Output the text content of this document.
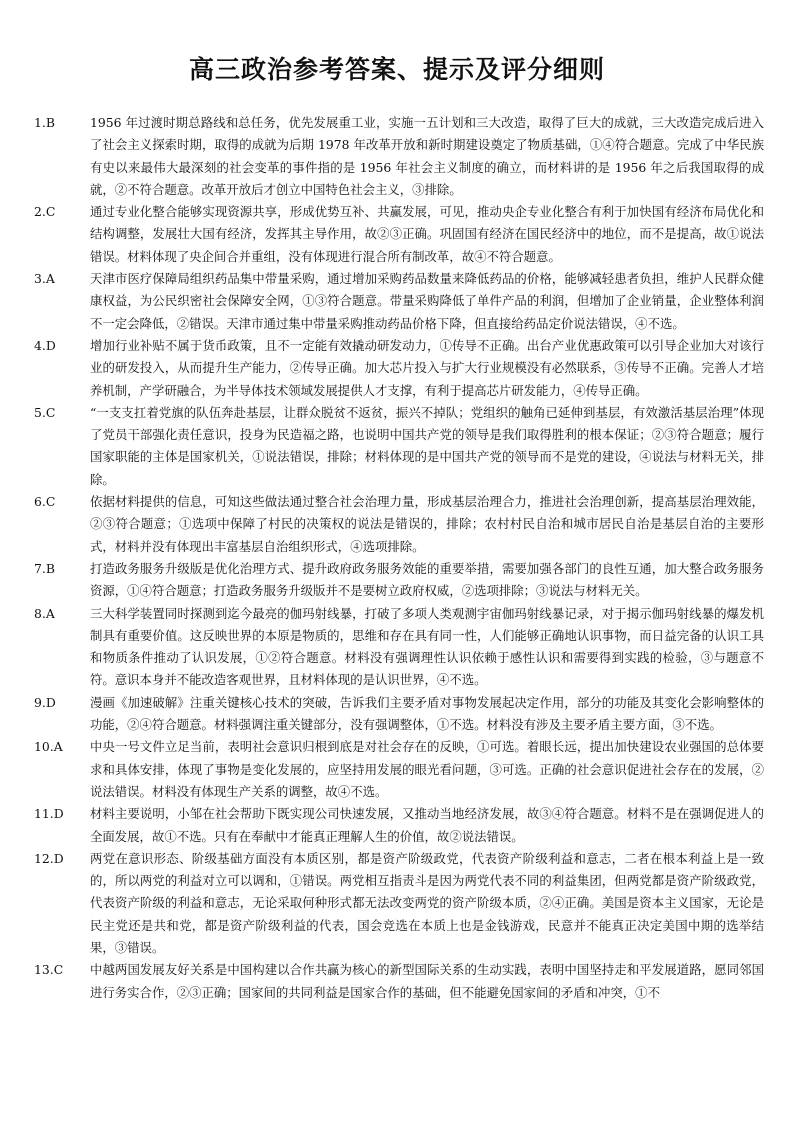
高三政治参考答案、提示及评分细则
1.B	1956 年过渡时期总路线和总任务，优先发展重工业，实施一五计划和三大改造，取得了巨大的成就，三大改造完成后进入了社会主义探索时期，取得的成就为后期 1978 年改革开放和新时期建设奠定了物质基础，①④符合题意。完成了中华民族有史以来最伟大最深刻的社会变革的事件指的是 1956 年社会主义制度的确立，而材料讲的是 1956 年之后我国取得的成就，②不符合题意。改革开放后才创立中国特色社会主义，③排除。
2.C	通过专业化整合能够实现资源共享，形成优势互补、共赢发展，可见，推动央企专业化整合有利于加快国有经济布局优化和结构调整，发展壮大国有经济，发挥其主导作用，故②③正确。巩固国有经济在国民经济中的地位，而不是提高，故①说法错误。材料体现了央企间合并重组，没有体现进行混合所有制改革，故④不符合题意。
3.A	天津市医疗保障局组织药品集中带量采购，通过增加采购药品数量来降低药品的价格，能够减轻患者负担，维护人民群众健康权益，为公民织密社会保障安全网，①③符合题意。带量采购降低了单件产品的利润，但增加了企业销量，企业整体利润不一定会降低，②错误。天津市通过集中带量采购推动药品价格下降，但直接给药品定价说法错误，④不选。
4.D	增加行业补贴不属于货币政策，且不一定能有效撬动研发动力，①传导不正确。出台产业优惠政策可以引导企业加大对该行业的研发投入，从而提升生产能力，②传导正确。加大芯片投入与扩大行业规模没有必然联系，③传导不正确。完善人才培养机制，产学研融合，为半导体技术领域发展提供人才支撑，有利于提高芯片研发能力，④传导正确。
5.C	“一支支扛着党旗的队伍奔赴基层，让群众脱贫不返贫，振兴不掉队；党组织的触角已延伸到基层，有效激活基层治理”体现了党员干部强化责任意识，投身为民造福之路，也说明中国共产党的领导是我们取得胜利的根本保证；②③符合题意；履行国家职能的主体是国家机关，①说法错误，排除；材料体现的是中国共产党的领导而不是党的建设，④说法与材料无关，排除。
6.C	依据材料提供的信息，可知这些做法通过整合社会治理力量，形成基层治理合力，推进社会治理创新，提高基层治理效能，②③符合题意；①选项中保障了村民的决策权的说法是错误的，排除；农村村民自治和城市居民自治是基层自治的主要形式，材料并没有体现出丰富基层自治组织形式，④选项排除。
7.B	打造政务服务升级版是优化治理方式、提升政府政务服务效能的重要举措，需要加强各部门的良性互通，加大整合政务服务资源，①④符合题意；打造政务服务升级版并不是要树立政府权威，②选项排除；③说法与材料无关。
8.A	三大科学装置同时探测到迄今最亮的伽玛射线暴，打破了多项人类观测宇宙伽玛射线暴记录，对于揭示伽玛射线暴的爆发机制具有重要价值。这反映世界的本原是物质的，思维和存在具有同一性，人们能够正确地认识事物，而日益完备的认识工具和物质条件推动了认识发展，①②符合题意。材料没有强调理性认识依赖于感性认识和需要得到实践的检验，③与题意不符。意识本身并不能改造客观世界，且材料体现的是认识世界，④不选。
9.D	漫画《加速破解》注重关键核心技术的突破，告诉我们主要矛盾对事物发展起决定作用，部分的功能及其变化会影响整体的功能，②④符合题意。材料强调注重关键部分，没有强调整体，①不选。材料没有涉及主要矛盾主要方面，③不选。
10.A	中央一号文件立足当前，表明社会意识归根到底是对社会存在的反映，①可选。着眼长远，提出加快建设农业强国的总体要求和具体安排，体现了事物是变化发展的，应坚持用发展的眼光看问题，③可选。正确的社会意识促进社会存在的发展，②说法错误。材料没有体现生产关系的调整，故④不选。
11.D	材料主要说明，小邹在社会帮助下既实现公司快速发展，又推动当地经济发展，故③④符合题意。材料不是在强调促进人的全面发展，故①不选。只有在奉献中才能真正理解人生的价值，故②说法错误。
12.D	两党在意识形态、阶级基础方面没有本质区别，都是资产阶级政党，代表资产阶级利益和意志，二者在根本利益上是一致的，所以两党的利益对立可以调和，①错误。两党相互指责斗是因为两党代表不同的利益集团，但两党都是资产阶级政党，代表资产阶级的利益和意志，无论采取何种形式都无法改变两党的资产阶级本质，②④正确。美国是资本主义国家，无论是民主党还是共和党，都是资产阶级利益的代表，国会竞选在本质上也是金钱游戏，民意并不能真正决定美国中期的选举结果，③错误。
13.C	中越两国发展友好关系是中国构建以合作共赢为核心的新型国际关系的生动实践，表明中国坚持走和平发展道路，愿同邻国进行务实合作，②③正确；国家间的共同利益是国家合作的基础，但不能避免国家间的矛盾和冲突，①不
